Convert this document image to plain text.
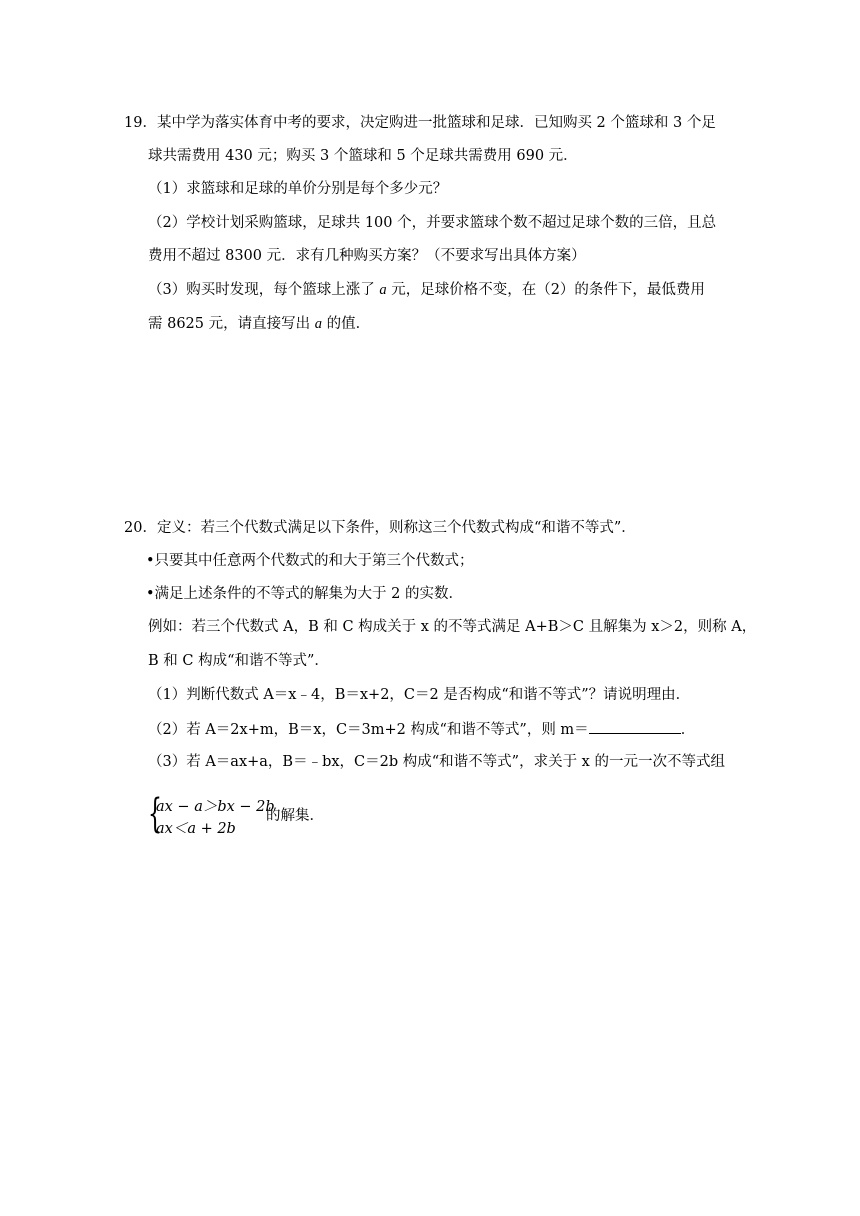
19．某中学为落实体育中考的要求，决定购进一批篮球和足球．已知购买 2 个篮球和 3 个足
球共需费用 430 元；购买 3 个篮球和 5 个足球共需费用 690 元．
（1）求篮球和足球的单价分别是每个多少元？
（2）学校计划采购篮球，足球共 100 个，并要求篮球个数不超过足球个数的三倍，且总
费用不超过 8300 元．求有几种购买方案？（不要求写出具体方案）
（3）购买时发现，每个篮球上涨了 a 元，足球价格不变，在（2）的条件下，最低费用
需 8625 元，请直接写出 a 的值．
20．定义：若三个代数式满足以下条件，则称这三个代数式构成“和谐不等式”．
•只要其中任意两个代数式的和大于第三个代数式；
•满足上述条件的不等式的解集为大于 2 的实数．
例如：若三个代数式 A，B 和 C 构成关于 x 的不等式满足 A+B＞C 且解集为 x＞2，则称 A，
B 和 C 构成“和谐不等式”．
（1）判断代数式 A＝x﹣4，B＝x+2，C＝2 是否构成“和谐不等式”？请说明理由．
（2）若 A＝2x+m，B＝x，C＝3m+2 构成“和谐不等式”，则 m＝	．
（3）若 A＝ax+a，B＝﹣bx，C＝2b 构成“和谐不等式”，求关于 x 的一元一次不等式组
{
ax − a＞bx − 2b
ax＜a + 2b
的解集．
